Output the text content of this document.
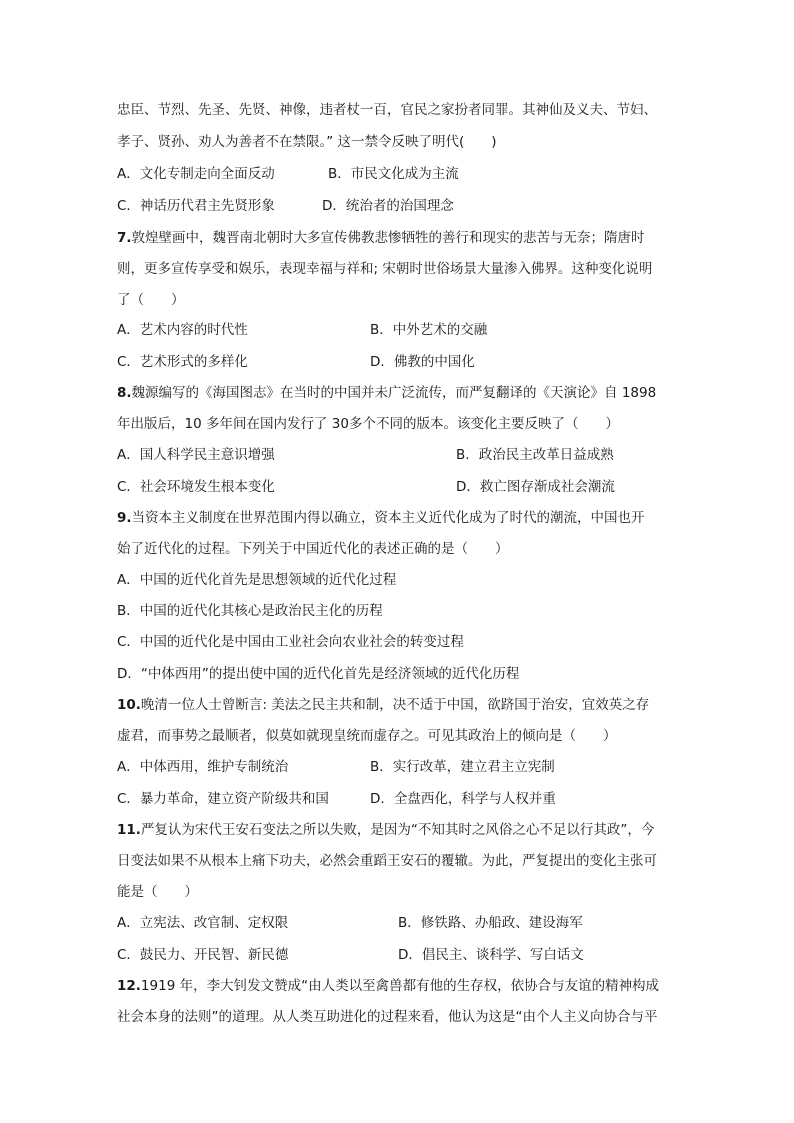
忠臣、节烈、先圣、先贤、神像，违者杖一百，官民之家扮者同罪。其神仙及义夫、节妇、
孝子、贤孙、劝人为善者不在禁限。” 这一禁令反映了明代(　　)
A．文化专制走向全面反动	B．市民文化成为主流
C．神话历代君主先贤形象	D．统治者的治国理念
7.敦煌壁画中，魏晋南北朝时大多宣传佛教悲惨牺牲的善行和现实的悲苦与无奈；隋唐时
则，更多宣传享受和娱乐，表现幸福与祥和; 宋朝时世俗场景大量渗入佛界。这种变化说明
了（　　）
A．艺术内容的时代性	B．中外艺术的交融
C．艺术形式的多样化	D．佛教的中国化
8.魏源编写的《海国图志》在当时的中国并未广泛流传，而严复翻译的《天演论》自 1898
年出版后，10 多年间在国内发行了 30多个不同的版本。该变化主要反映了（　　）
A．国人科学民主意识增强	B．政治民主改革日益成熟
C．社会环境发生根本变化	D．救亡图存渐成社会潮流
9.当资本主义制度在世界范围内得以确立，资本主义近代化成为了时代的潮流，中国也开
始了近代化的过程。下列关于中国近代化的表述正确的是（　　）
A．中国的近代化首先是思想领域的近代化过程
B．中国的近代化其核心是政治民主化的历程
C．中国的近代化是中国由工业社会向农业社会的转变过程
D．“中体西用”的提出使中国的近代化首先是经济领域的近代化历程
10.晚清一位人士曾断言: 美法之民主共和制，决不适于中国，欲跻国于治安，宜效英之存
虚君，而事势之最顺者，似莫如就现皇统而虚存之。可见其政治上的倾向是（　　）
A．中体西用，维护专制统治	B．实行改革，建立君主立宪制
C．暴力革命，建立资产阶级共和国	D．全盘西化，科学与人权并重
11.严复认为宋代王安石变法之所以失败，是因为“不知其时之风俗之心不足以行其政”，今
日变法如果不从根本上痛下功夫，必然会重蹈王安石的覆辙。为此，严复提出的变化主张可
能是（　　）
A．立宪法、改官制、定权限	B．修铁路、办船政、建设海军
C．鼓民力、开民智、新民德	D．倡民主、谈科学、写白话文
12.1919 年，李大钊发文赞成“由人类以至禽兽都有他的生存权，依协合与友谊的精神构成
社会本身的法则”的道理。从人类互助进化的过程来看，他认为这是“由个人主义向协合与平
